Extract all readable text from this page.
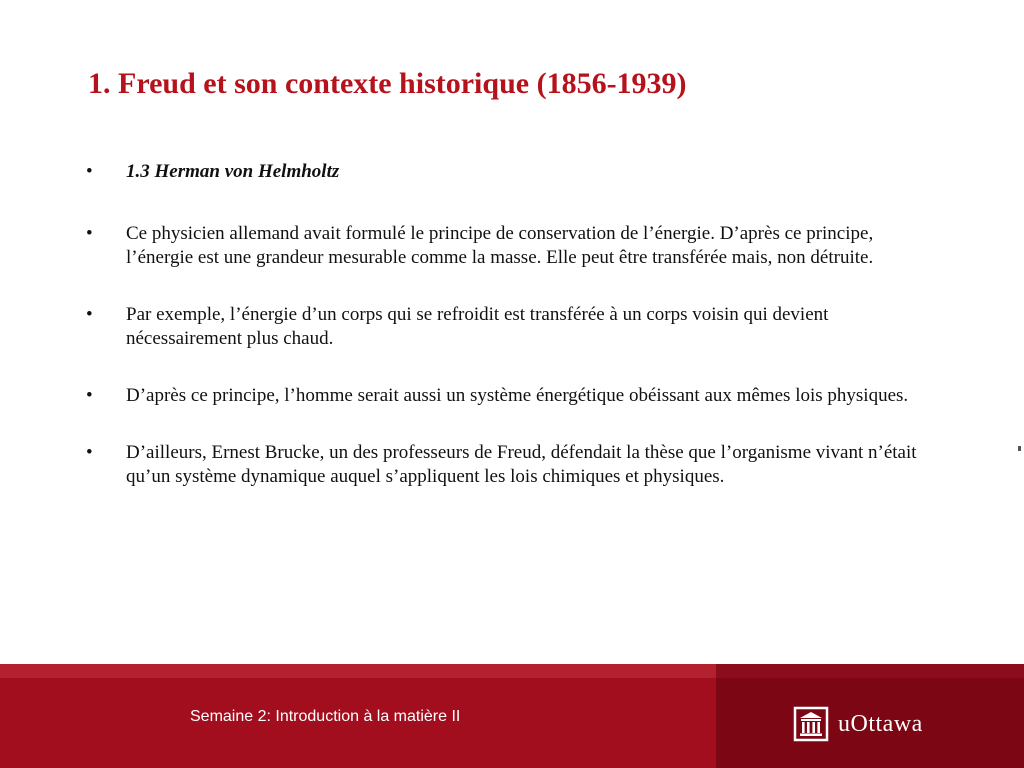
1. Freud et son contexte historique (1856-1939)
•	1.3 Herman von Helmholtz
•	Ce physicien allemand avait formulé le principe de conservation de l’énergie. D’après ce principe, l’énergie est une grandeur mesurable comme la masse. Elle peut être transférée mais, non détruite.
•	Par exemple, l’énergie d’un corps qui se refroidit est transférée à un corps voisin qui devient nécessairement plus chaud.
•	D’après ce principe, l’homme serait aussi un système énergétique obéissant aux mêmes lois physiques.
•	D’ailleurs, Ernest Brucke, un des professeurs de Freud, défendait la thèse que l’organisme vivant n’était qu’un système dynamique auquel s’appliquent les lois chimiques et physiques.
Semaine 2: Introduction à la matière II	uOttawa
